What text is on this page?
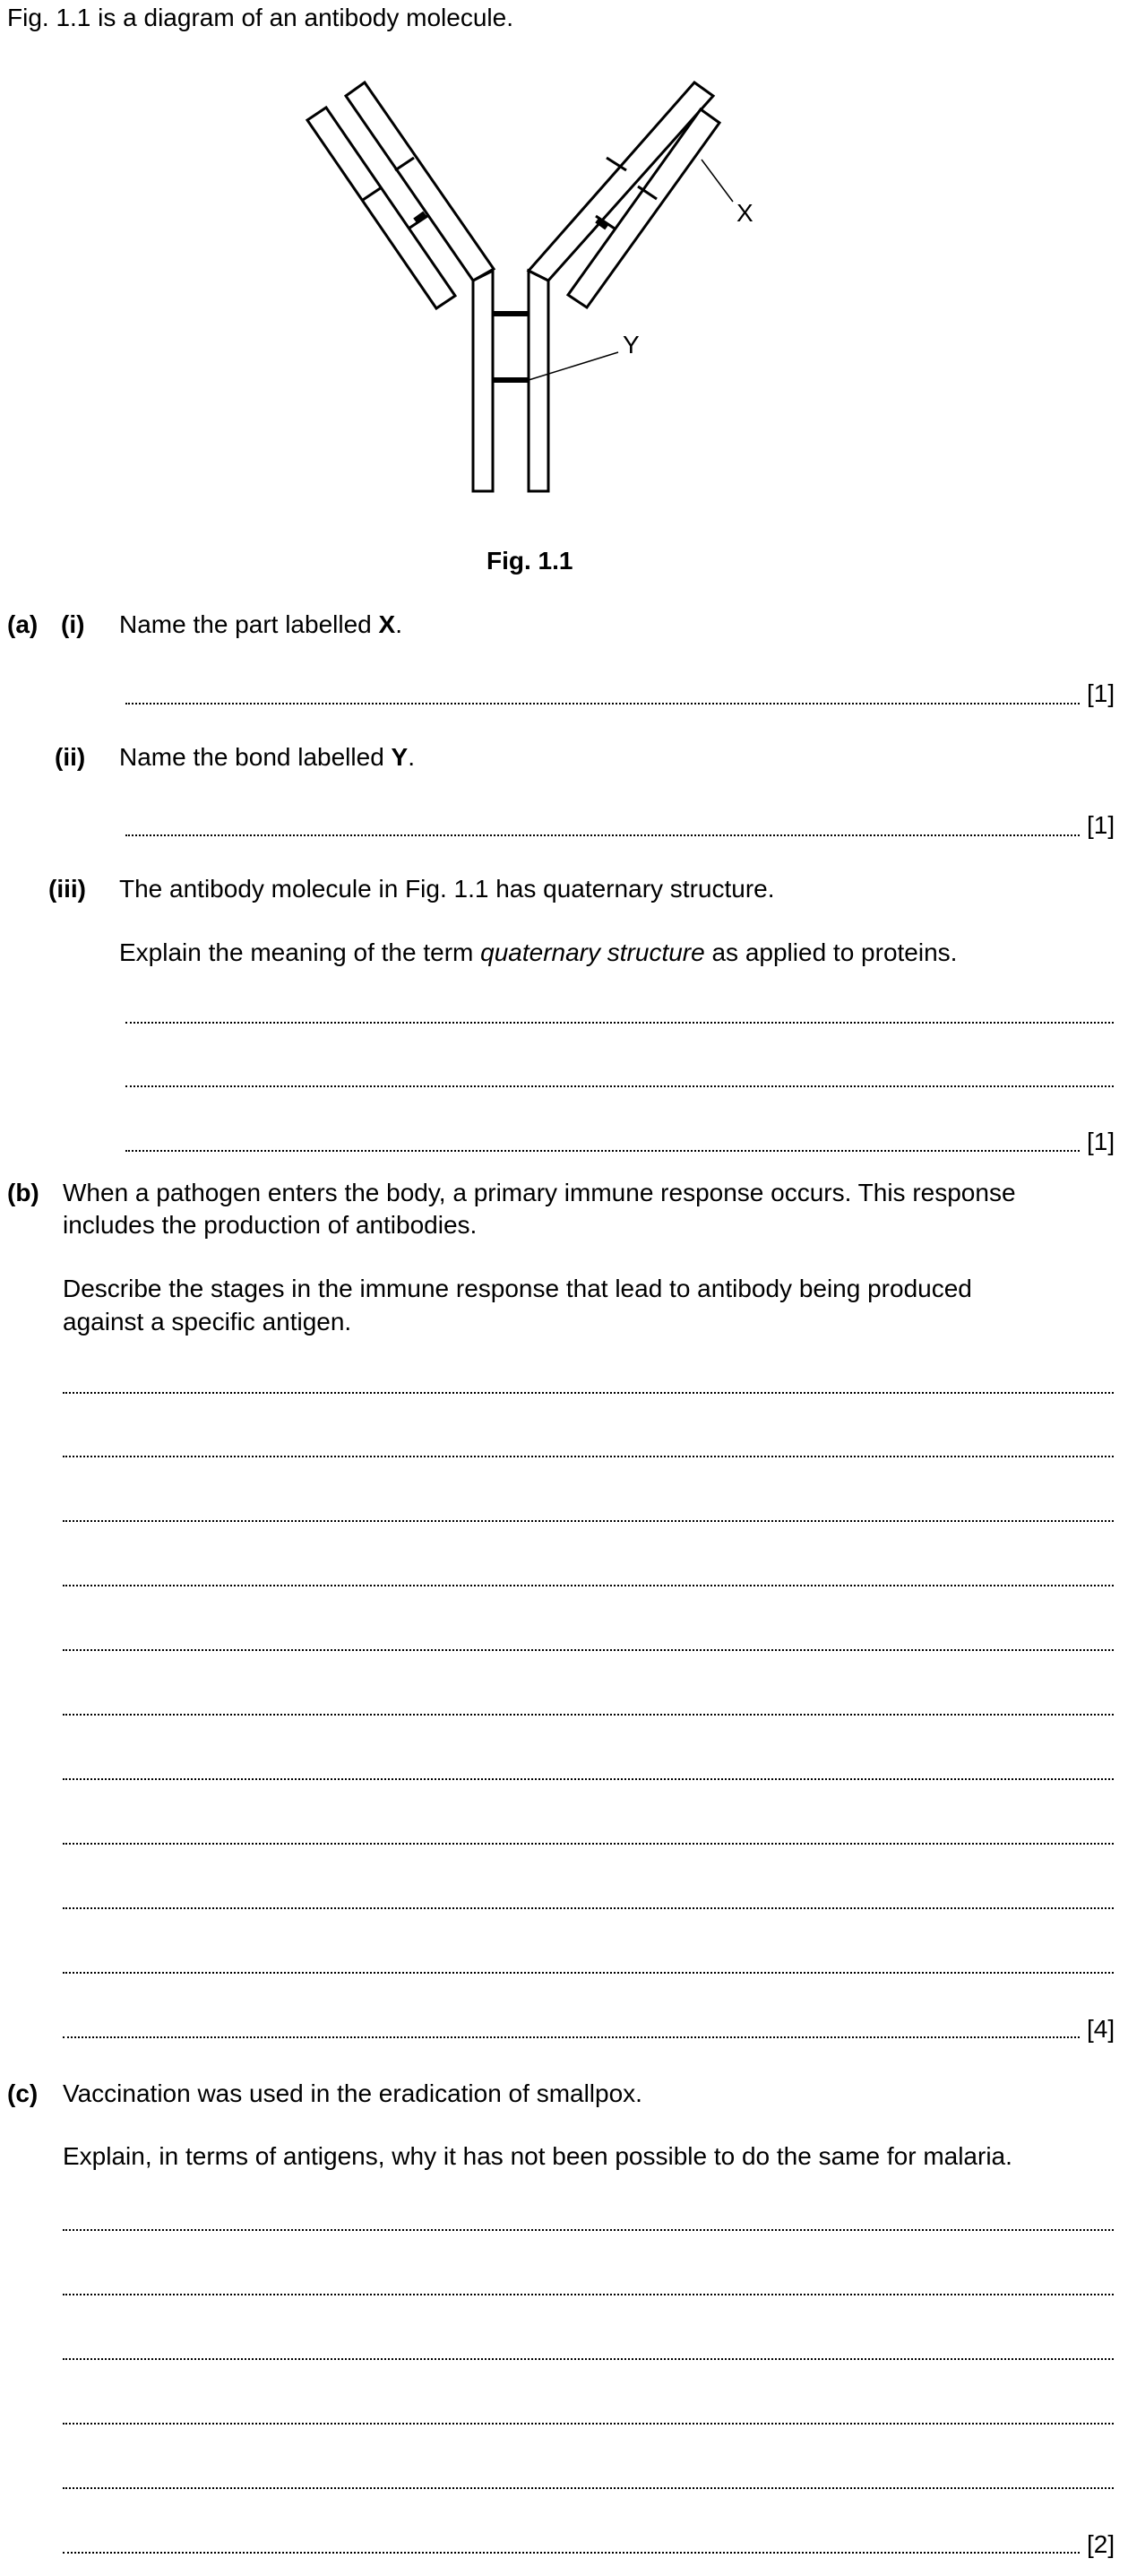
Fig. 1.1 is a diagram of an antibody molecule.
X
Y
Fig. 1.1
(a) (i) Name the part labelled X.
[1]
(ii) Name the bond labelled Y.
[1]
(iii) The antibody molecule in Fig. 1.1 has quaternary structure.
Explain the meaning of the term quaternary structure as applied to proteins.
[1]
(b) When a pathogen enters the body, a primary immune response occurs. This response
includes the production of antibodies.
Describe the stages in the immune response that lead to antibody being produced
against a specific antigen.
[4]
(c) Vaccination was used in the eradication of smallpox.
Explain, in terms of antigens, why it has not been possible to do the same for malaria.
[2]
